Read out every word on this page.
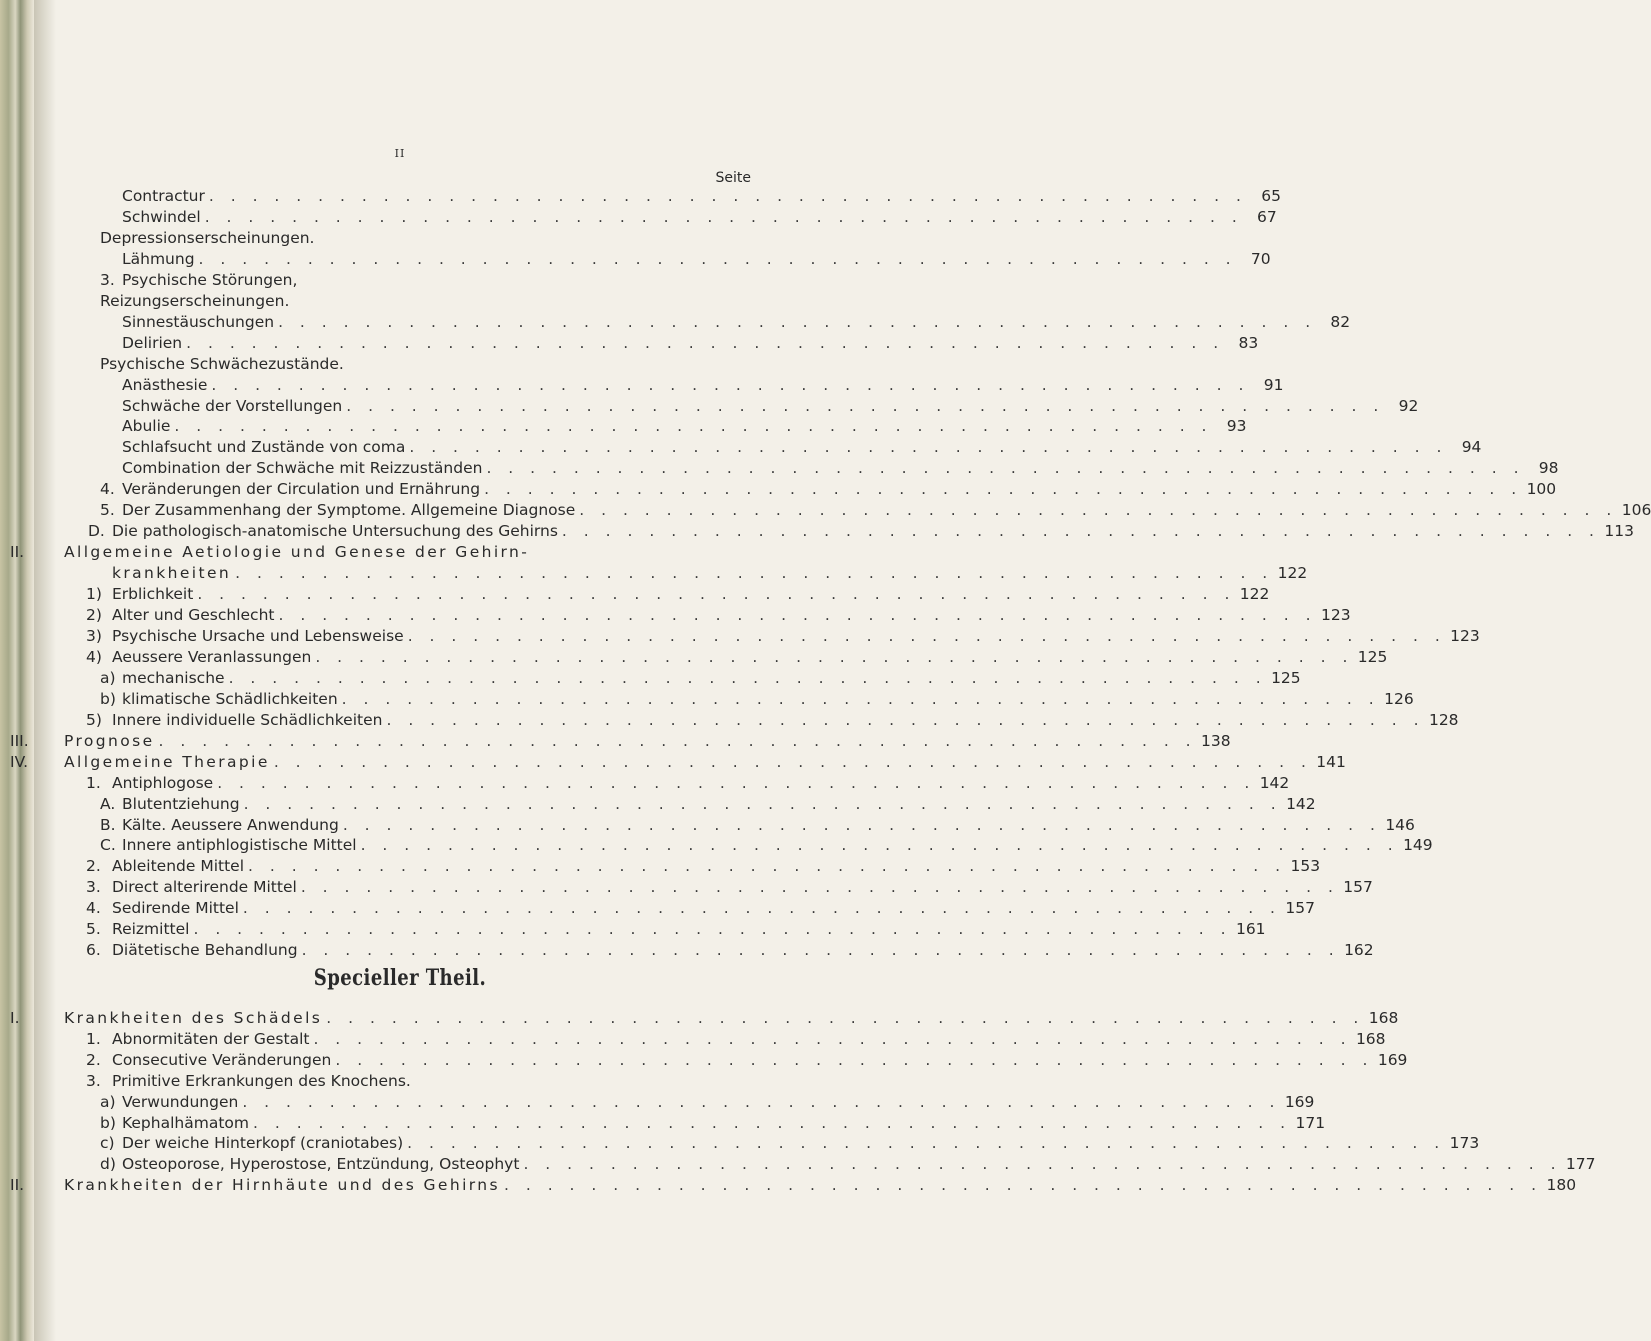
II
Seite
Contractur . . . . . . . . . . . . . . . . . . . . . . . . . . . . . . . . . . . . . . . . . . . . . . . . 65
Schwindel . . . . . . . . . . . . . . . . . . . . . . . . . . . . . . . . . . . . . . . . . . . . . . . . 67
Depressionserscheinungen.
Lähmung . . . . . . . . . . . . . . . . . . . . . . . . . . . . . . . . . . . . . . . . . . . . . . . . 70
3. Psychische Störungen,
Reizungserscheinungen.
Sinnestäuschungen . . . . . . . . . . . . . . . . . . . . . . . . . . . . . . . . . . . . . . . . . . . . . . . . 82
Delirien . . . . . . . . . . . . . . . . . . . . . . . . . . . . . . . . . . . . . . . . . . . . . . . . 83
Psychische Schwächezustände.
Anästhesie . . . . . . . . . . . . . . . . . . . . . . . . . . . . . . . . . . . . . . . . . . . . . . . . 91
Schwäche der Vorstellungen . . . . . . . . . . . . . . . . . . . . . . . . . . . . . . . . . . . . . . . . . . . . . . . . 92
Abulie . . . . . . . . . . . . . . . . . . . . . . . . . . . . . . . . . . . . . . . . . . . . . . . . 93
Schlafsucht und Zustände von coma . . . . . . . . . . . . . . . . . . . . . . . . . . . . . . . . . . . . . . . . . . . . . . . . 94
Combination der Schwäche mit Reizzuständen . . . . . . . . . . . . . . . . . . . . . . . . . . . . . . . . . . . . . . . . . . . . . . . . 98
4. Veränderungen der Circulation und Ernährung . . . . . . . . . . . . . . . . . . . . . . . . . . . . . . . . . . . . . . . . . . . . . . . . 100
5. Der Zusammenhang der Symptome. Allgemeine Diagnose . . . . . . . . . . . . . . . . . . . . . . . . . . . . . . . . . . . . . . . . . . . . . . . . 106
D. Die pathologisch-anatomische Untersuchung des Gehirns . . . . . . . . . . . . . . . . . . . . . . . . . . . . . . . . . . . . . . . . . . . . . . . . 113
II.	Allgemeine Aetiologie und Genese der Gehirn-
krankheiten . . . . . . . . . . . . . . . . . . . . . . . . . . . . . . . . . . . . . . . . . . . . . . . . 122
1) Erblichkeit . . . . . . . . . . . . . . . . . . . . . . . . . . . . . . . . . . . . . . . . . . . . . . . . 122
2) Alter und Geschlecht . . . . . . . . . . . . . . . . . . . . . . . . . . . . . . . . . . . . . . . . . . . . . . . . 123
3) Psychische Ursache und Lebensweise . . . . . . . . . . . . . . . . . . . . . . . . . . . . . . . . . . . . . . . . . . . . . . . . 123
4) Aeussere Veranlassungen . . . . . . . . . . . . . . . . . . . . . . . . . . . . . . . . . . . . . . . . . . . . . . . . 125
a) mechanische . . . . . . . . . . . . . . . . . . . . . . . . . . . . . . . . . . . . . . . . . . . . . . . . 125
b) klimatische Schädlichkeiten . . . . . . . . . . . . . . . . . . . . . . . . . . . . . . . . . . . . . . . . . . . . . . . . 126
5) Innere individuelle Schädlichkeiten . . . . . . . . . . . . . . . . . . . . . . . . . . . . . . . . . . . . . . . . . . . . . . . . 128
III. Prognose . . . . . . . . . . . . . . . . . . . . . . . . . . . . . . . . . . . . . . . . . . . . . . . . 138
IV. Allgemeine Therapie . . . . . . . . . . . . . . . . . . . . . . . . . . . . . . . . . . . . . . . . . . . . . . . . 141
1. Antiphlogose . . . . . . . . . . . . . . . . . . . . . . . . . . . . . . . . . . . . . . . . . . . . . . . . 142
A. Blutentziehung . . . . . . . . . . . . . . . . . . . . . . . . . . . . . . . . . . . . . . . . . . . . . . . . 142
B. Kälte. Aeussere Anwendung . . . . . . . . . . . . . . . . . . . . . . . . . . . . . . . . . . . . . . . . . . . . . . . . 146
C. Innere antiphlogistische Mittel . . . . . . . . . . . . . . . . . . . . . . . . . . . . . . . . . . . . . . . . . . . . . . . . 149
2. Ableitende Mittel . . . . . . . . . . . . . . . . . . . . . . . . . . . . . . . . . . . . . . . . . . . . . . . . 153
3. Direct alterirende Mittel . . . . . . . . . . . . . . . . . . . . . . . . . . . . . . . . . . . . . . . . . . . . . . . . 157
4. Sedirende Mittel . . . . . . . . . . . . . . . . . . . . . . . . . . . . . . . . . . . . . . . . . . . . . . . . 157
5. Reizmittel . . . . . . . . . . . . . . . . . . . . . . . . . . . . . . . . . . . . . . . . . . . . . . . . 161
6. Diätetische Behandlung . . . . . . . . . . . . . . . . . . . . . . . . . . . . . . . . . . . . . . . . . . . . . . . . 162
Specieller Theil.
I.	Krankheiten des Schädels . . . . . . . . . . . . . . . . . . . . . . . . . . . . . . . . . . . . . . . . . . . . . . . . 168
1. Abnormitäten der Gestalt . . . . . . . . . . . . . . . . . . . . . . . . . . . . . . . . . . . . . . . . . . . . . . . . 168
2. Consecutive Veränderungen . . . . . . . . . . . . . . . . . . . . . . . . . . . . . . . . . . . . . . . . . . . . . . . . 169
3. Primitive Erkrankungen des Knochens.
a) Verwundungen . . . . . . . . . . . . . . . . . . . . . . . . . . . . . . . . . . . . . . . . . . . . . . . . 169
b) Kephalhämatom . . . . . . . . . . . . . . . . . . . . . . . . . . . . . . . . . . . . . . . . . . . . . . . . 171
c) Der weiche Hinterkopf (craniotabes) . . . . . . . . . . . . . . . . . . . . . . . . . . . . . . . . . . . . . . . . . . . . . . . . 173
d) Osteoporose, Hyperostose, Entzündung, Osteophyt . . . . . . . . . . . . . . . . . . . . . . . . . . . . . . . . . . . . . . . . . . . . . . . . 177
II.	Krankheiten der Hirnhäute und des Gehirns . . . . . . . . . . . . . . . . . . . . . . . . . . . . . . . . . . . . . . . . . . . . . . . . 180
